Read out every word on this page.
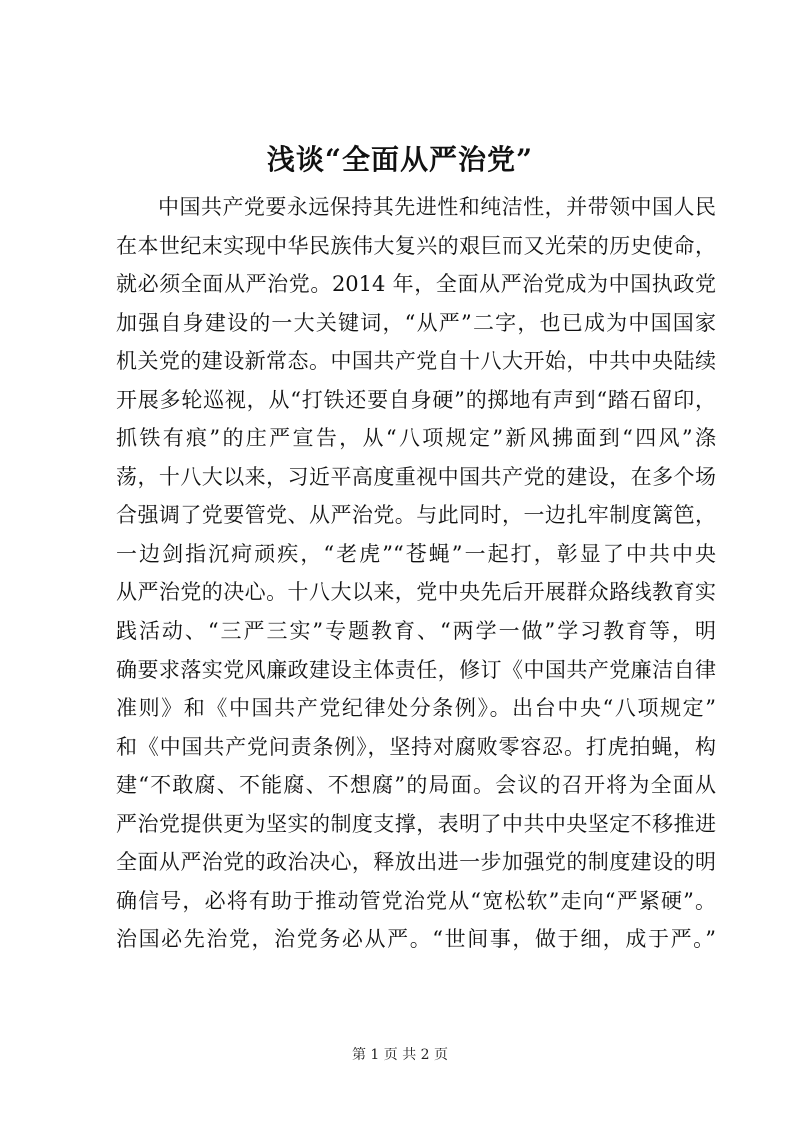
浅谈“全面从严治党”
中国共产党要永远保持其先进性和纯洁性，并带领中国人民
在本世纪末实现中华民族伟大复兴的艰巨而又光荣的历史使命，
就必须全面从严治党。2014 年，全面从严治党成为中国执政党
加强自身建设的一大关键词，“从严”二字，也已成为中国国家
机关党的建设新常态。中国共产党自十八大开始，中共中央陆续
开展多轮巡视，从“打铁还要自身硬”的掷地有声到“踏石留印，
抓铁有痕”的庄严宣告，从“八项规定”新风拂面到“四风”涤
荡，十八大以来，习近平高度重视中国共产党的建设，在多个场
合强调了党要管党、从严治党。与此同时，一边扎牢制度篱笆，
一边剑指沉疴顽疾，“老虎”“苍蝇”一起打，彰显了中共中央
从严治党的决心。十八大以来，党中央先后开展群众路线教育实
践活动、“三严三实”专题教育、“两学一做”学习教育等，明
确要求落实党风廉政建设主体责任，修订《中国共产党廉洁自律
准则》和《中国共产党纪律处分条例》。出台中央“八项规定”
和《中国共产党问责条例》，坚持对腐败零容忍。打虎拍蝇，构
建“不敢腐、不能腐、不想腐”的局面。会议的召开将为全面从
严治党提供更为坚实的制度支撑，表明了中共中央坚定不移推进
全面从严治党的政治决心，释放出进一步加强党的制度建设的明
确信号，必将有助于推动管党治党从“宽松软”走向“严紧硬”。
治国必先治党，治党务必从严。“世间事，做于细，成于严。”
第 1 页 共 2 页
